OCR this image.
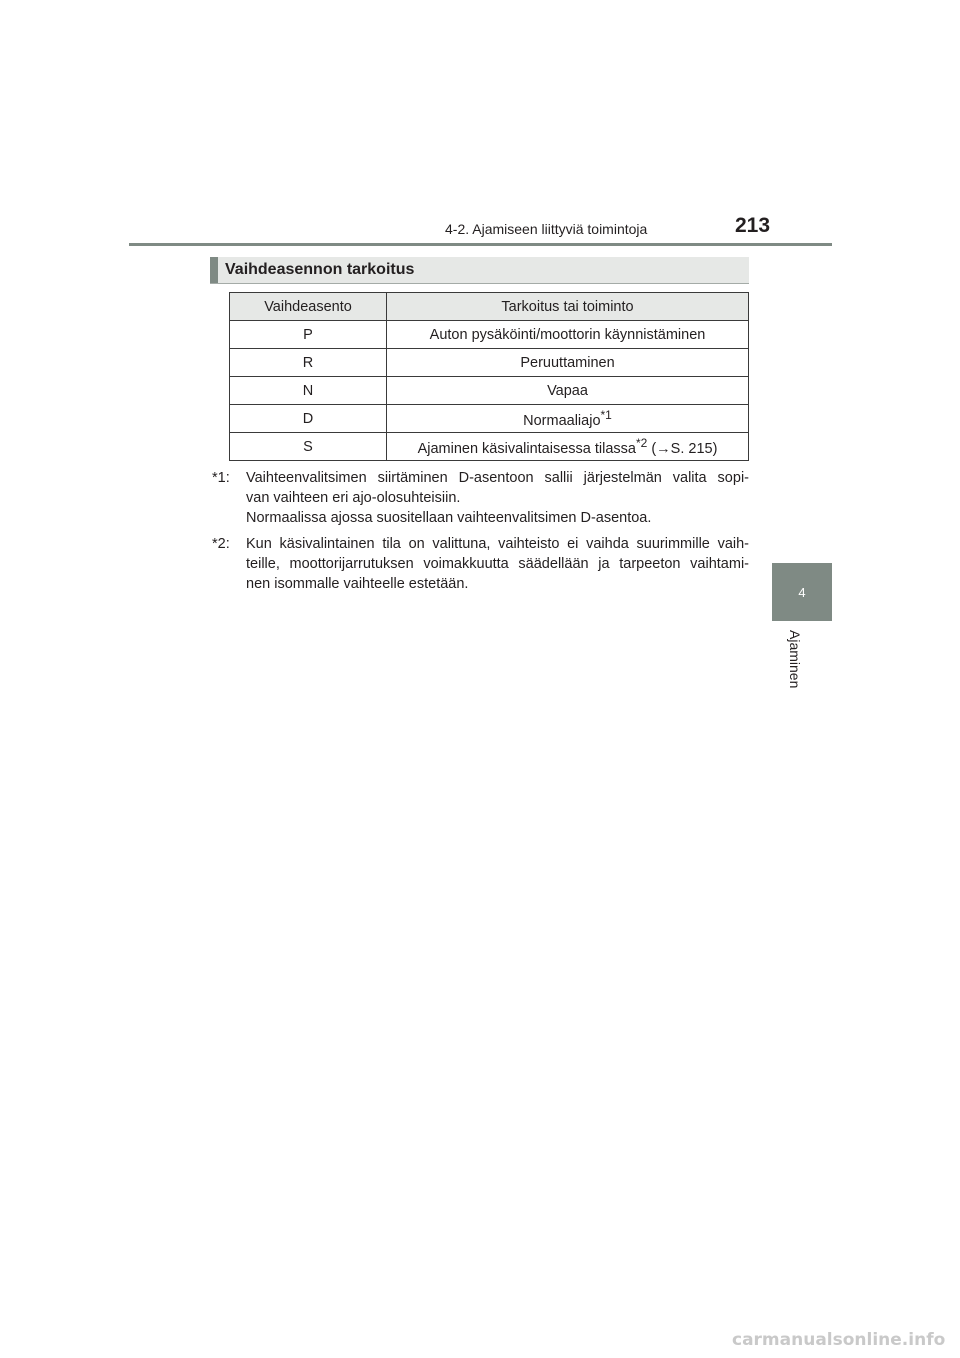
4-2. Ajamiseen liittyviä toimintoja	213
4
Ajaminen
Vaihdeasennon tarkoitus
Vaihdeasento	Tarkoitus tai toiminto
P	Auton pysäköinti/moottorin käynnistäminen
R	Peruuttaminen
N	Vapaa
D	Normaaliajo$^{*1}$
S	Ajaminen käsivalintaisessa tilassa$^{*2}$ (→S. 215)
*1: Vaihteenvalitsimen siirtäminen D-asentoon sallii järjestelmän valita sopi-
van vaihteen eri ajo-olosuhteisiin.
Normaalissa ajossa suositellaan vaihteenvalitsimen D-asentoa.
*2: Kun käsivalintainen tila on valittuna, vaihteisto ei vaihda suurimmille vaih-
teille, moottorijarrutuksen voimakkuutta säädellään ja tarpeeton vaihtami-
nen isommalle vaihteelle estetään.
carmanualsonline.info
